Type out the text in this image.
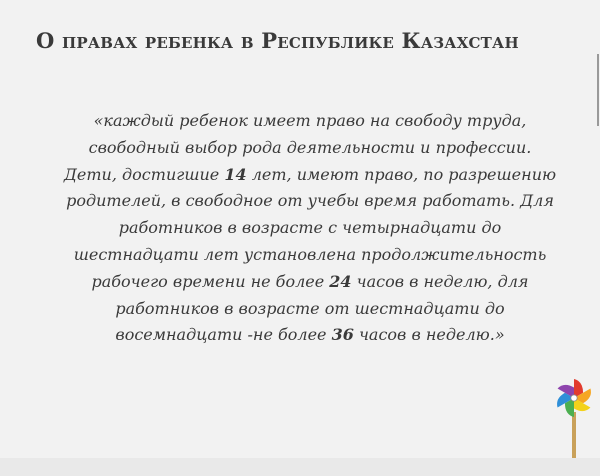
О правах ребенка в Республике Казахстан

«каждый ребенок имеет право на свободу труда, свободный выбор рода деятельности и профессии. Дети, достигшие 14 лет, имеют право, по разрешению родителей, в свободное от учебы время работать. Для работников в возрасте с четырнадцати до шестнадцати лет установлена продолжительность рабочего времени не более 24 часов в неделю, для работников в возрасте от шестнадцати до восемнадцати -не более 36 часов в неделю.»
